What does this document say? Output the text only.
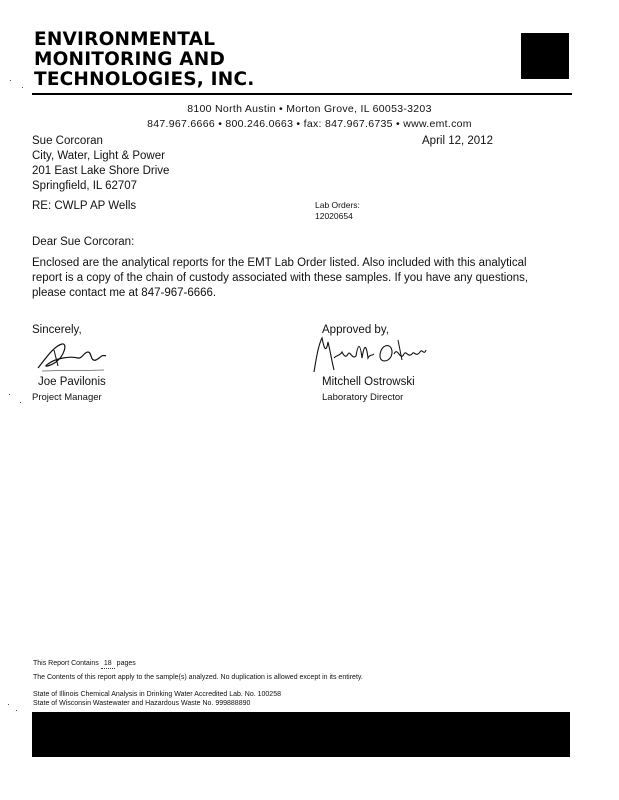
ENVIRONMENTAL
MONITORING AND
TECHNOLOGIES, INC.
8100 North Austin • Morton Grove, IL 60053-3203
847.967.6666 • 800.246.0663 • fax: 847.967.6735 • www.emt.com
Sue Corcoran
City, Water, Light & Power
201 East Lake Shore Drive
Springfield, IL 62707
April 12, 2012
RE: CWLP AP Wells	Lab Orders:
12020654
Dear Sue Corcoran:
Enclosed are the analytical reports for the EMT Lab Order listed. Also included with this analytical report is a copy of the chain of custody associated with these samples. If you have any questions, please contact me at 847-967-6666.
Sincerely,	Approved by,
Joe Pavilonis
Project Manager
Mitchell Ostrowski
Laboratory Director
This Report Contains 18 pages
The Contents of this report apply to the sample(s) analyzed. No duplication is allowed except in its entirety.
State of Illinois Chemical Analysis in Drinking Water Accredited Lab. No. 100258
State of Wisconsin Wastewater and Hazardous Waste No. 999888890
